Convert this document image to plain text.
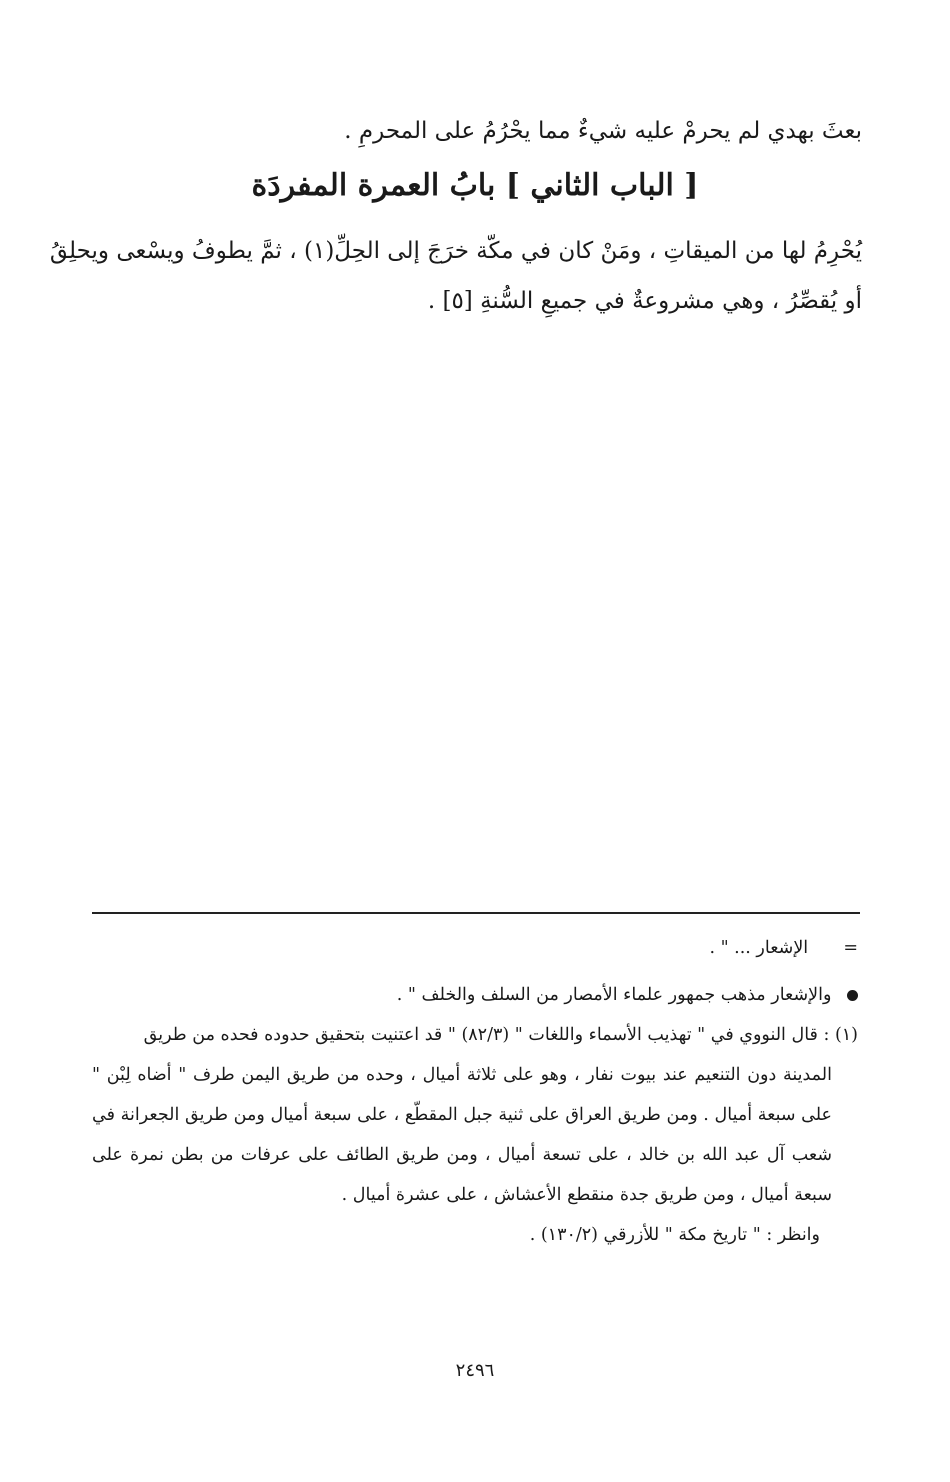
بعثَ بهدي لم يحرمْ عليه شيءٌ مما يحْرُمُ على المحرمِ .
[ الباب الثاني ] بابُ العمرة المفردَة
يُحْرِمُ لها من الميقاتِ ، ومَنْ كان في مكّة خرَجَ إلى الحِلِّ(١) ، ثمَّ يطوفُ ويسْعى ويحلِقُ
أو يُقصِّرُ ، وهي مشروعةٌ في جميعِ السُّنةِ [٥] .
=  الإشعار ... " .
والإشعار مذهب جمهور علماء الأمصار من السلف والخلف " .
(١) : قال النووي في " تهذيب الأسماء واللغات " (٨٢/٣) " قد اعتنيت بتحقيق حدوده فحده من طريق
المدينة دون التنعيم عند بيوت نفار ، وهو على ثلاثة أميال ، وحده من طريق اليمن طرف " أضاه لِبْن "
على سبعة أميال . ومن طريق العراق على ثنية جبل المقطّع ، على سبعة أميال ومن طريق الجعرانة في
شعب آل عبد الله بن خالد ، على تسعة أميال ، ومن طريق الطائف على عرفات من بطن نمرة على
سبعة أميال ، ومن طريق جدة منقطع الأعشاش ، على عشرة أميال .
وانظر : " تاريخ مكة " للأزرقي (١٣٠/٢) .
٢٤٩٦
